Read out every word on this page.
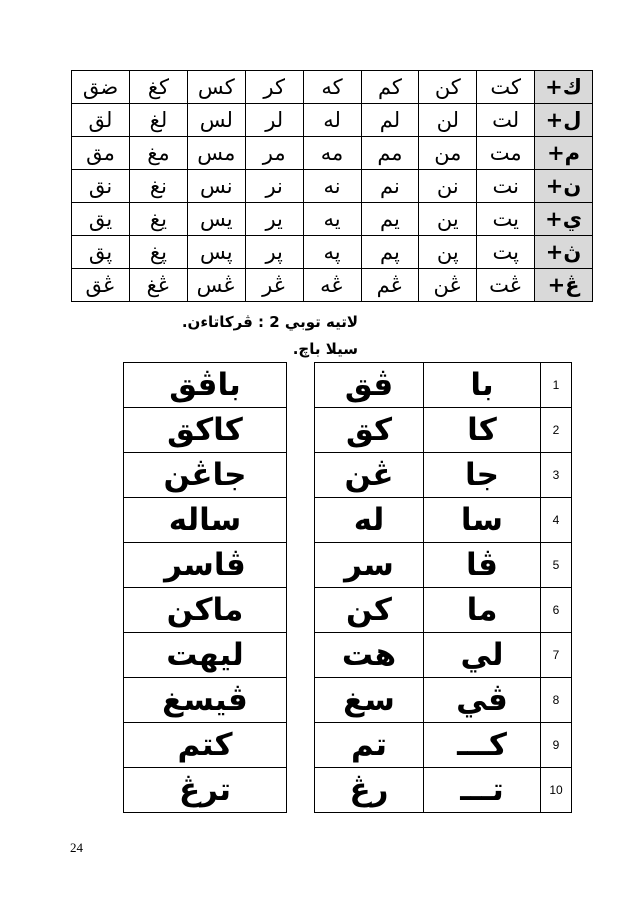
ك+	كت	كن	كم	كه	كر	كس	كغ	ضق
ل+	لت	لن	لم	له	لر	لس	لغ	لق
م+	مت	من	مم	مه	مر	مس	مغ	مق
ن+	نت	نن	نم	نه	نر	نس	نغ	نق
ي+	يت	ين	يم	يه	ير	يس	يغ	يق
ڽ+	ڽت	ڽن	ڽم	ڽه	ڽر	ڽس	ڽغ	ڽق
ڠ+	ڠت	ڠن	ڠم	ڠه	ڠر	ڠس	ڠغ	ڠق
لاتيه توبي 2 : ڤركاتاءن.
سيلا باچ.
باڤق
كاكق
جاڠن
ساله
ڤاسر
ماكن
ليهت
ڤيسغ
كتم
ترڠ
ڤق	با	1
كق	كا	2
ڠن	جا	3
له	سا	4
سر	ڤا	5
كن	ما	6
هت	لي	7
سغ	ڤي	8
تم	كـــ	9
رڠ	تـــ	10
24
